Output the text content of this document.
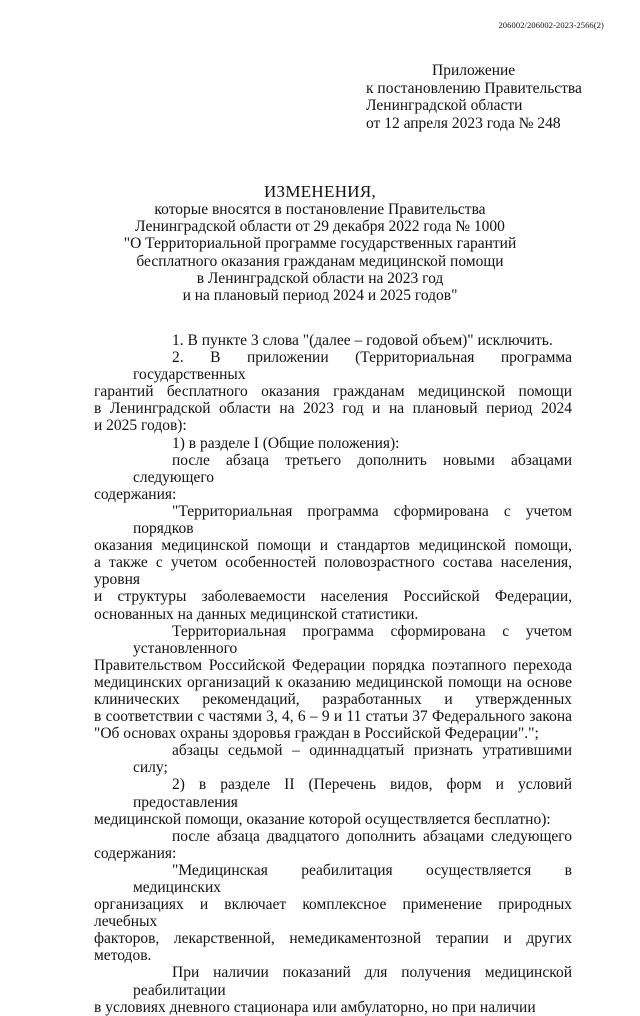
206002/206002-2023-2566(2)
Приложение
к постановлению Правительства
Ленинградской области
от 12 апреля 2023 года № 248
ИЗМЕНЕНИЯ,
которые вносятся в постановление Правительства
Ленинградской области от 29 декабря 2022 года № 1000
"О Территориальной программе государственных гарантий
бесплатного оказания гражданам медицинской помощи
в Ленинградской области на 2023 год
и на плановый период 2024 и 2025 годов"
1. В пункте 3 слова "(далее – годовой объем)" исключить.
2. В приложении (Территориальная программа государственных
гарантий бесплатного оказания гражданам медицинской помощи
в Ленинградской области на 2023 год и на плановый период 2024
и 2025 годов):
1) в разделе I (Общие положения):
после абзаца третьего дополнить новыми абзацами следующего
содержания:
"Территориальная программа сформирована с учетом порядков
оказания медицинской помощи и стандартов медицинской помощи,
а также с учетом особенностей половозрастного состава населения, уровня
и структуры заболеваемости населения Российской Федерации,
основанных на данных медицинской статистики.
Территориальная программа сформирована с учетом установленного
Правительством Российской Федерации порядка поэтапного перехода
медицинских организаций к оказанию медицинской помощи на основе
клинических рекомендаций, разработанных и утвержденных
в соответствии с частями 3, 4, 6 – 9 и 11 статьи 37 Федерального закона
"Об основах охраны здоровья граждан в Российской Федерации".";
абзацы седьмой – одиннадцатый признать утратившими силу;
2) в разделе II (Перечень видов, форм и условий предоставления
медицинской помощи, оказание которой осуществляется бесплатно):
после абзаца двадцатого дополнить абзацами следующего
содержания:
"Медицинская реабилитация осуществляется в медицинских
организациях и включает комплексное применение природных лечебных
факторов, лекарственной, немедикаментозной терапии и других методов.
При наличии показаний для получения медицинской реабилитации
в условиях дневного стационара или амбулаторно, но при наличии
